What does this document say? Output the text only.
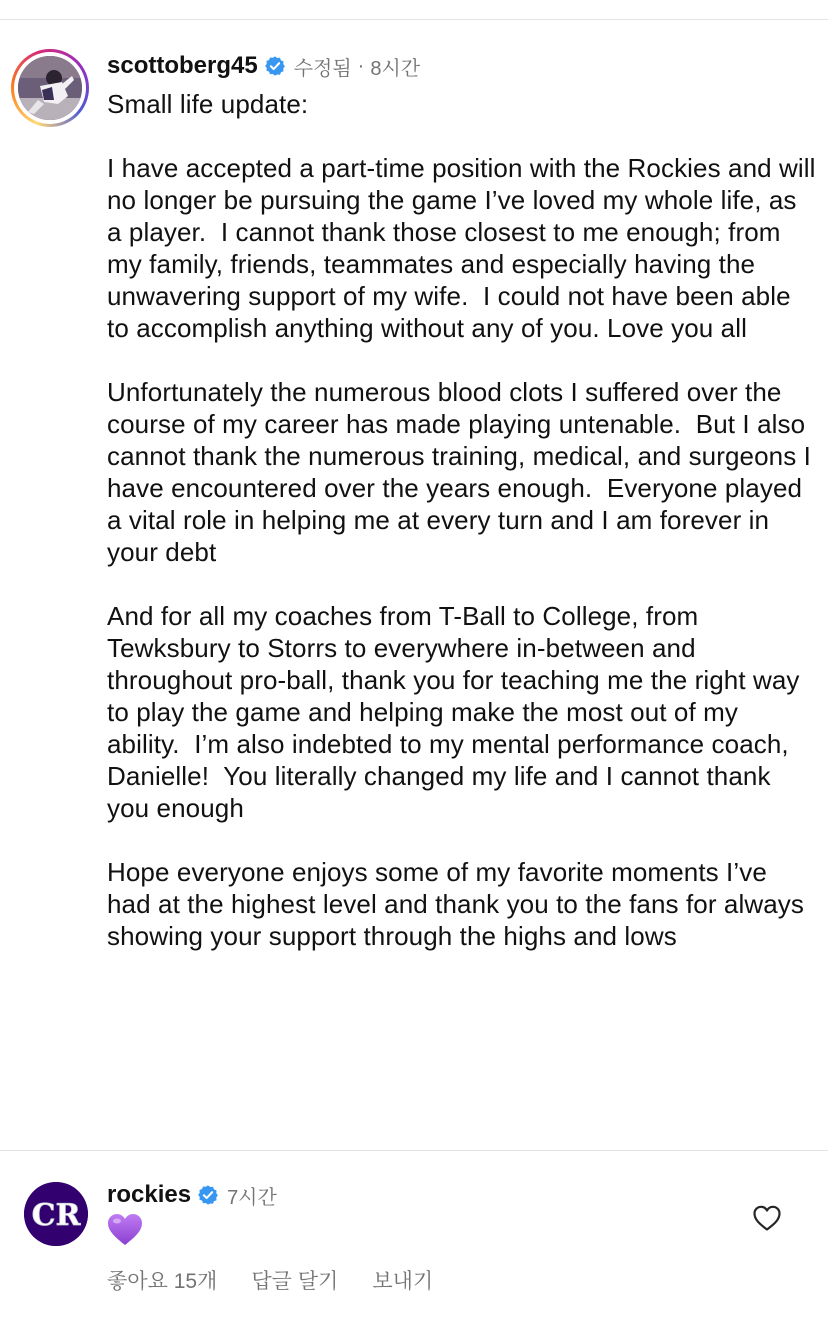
scottoberg45 수정됨 · 8시간

Small life update:

I have accepted a part-time position with the Rockies and will no longer be pursuing the game I’ve loved my whole life, as a player.  I cannot thank those closest to me enough; from my family, friends, teammates and especially having the unwavering support of my wife.  I could not have been able to accomplish anything without any of you. Love you all

Unfortunately the numerous blood clots I suffered over the course of my career has made playing untenable.  But I also cannot thank the numerous training, medical, and surgeons I have encountered over the years enough.  Everyone played a vital role in helping me at every turn and I am forever in your debt

And for all my coaches from T-Ball to College, from Tewksbury to Storrs to everywhere in-between and throughout pro-ball, thank you for teaching me the right way to play the game and helping make the most out of my ability.  I’m also indebted to my mental performance coach, Danielle!  You literally changed my life and I cannot thank you enough

Hope everyone enjoys some of my favorite moments I’ve had at the highest level and thank you to the fans for always showing your support through the highs and lows

CR
rockies 7시간
좋아요 15개 답글 달기 보내기
